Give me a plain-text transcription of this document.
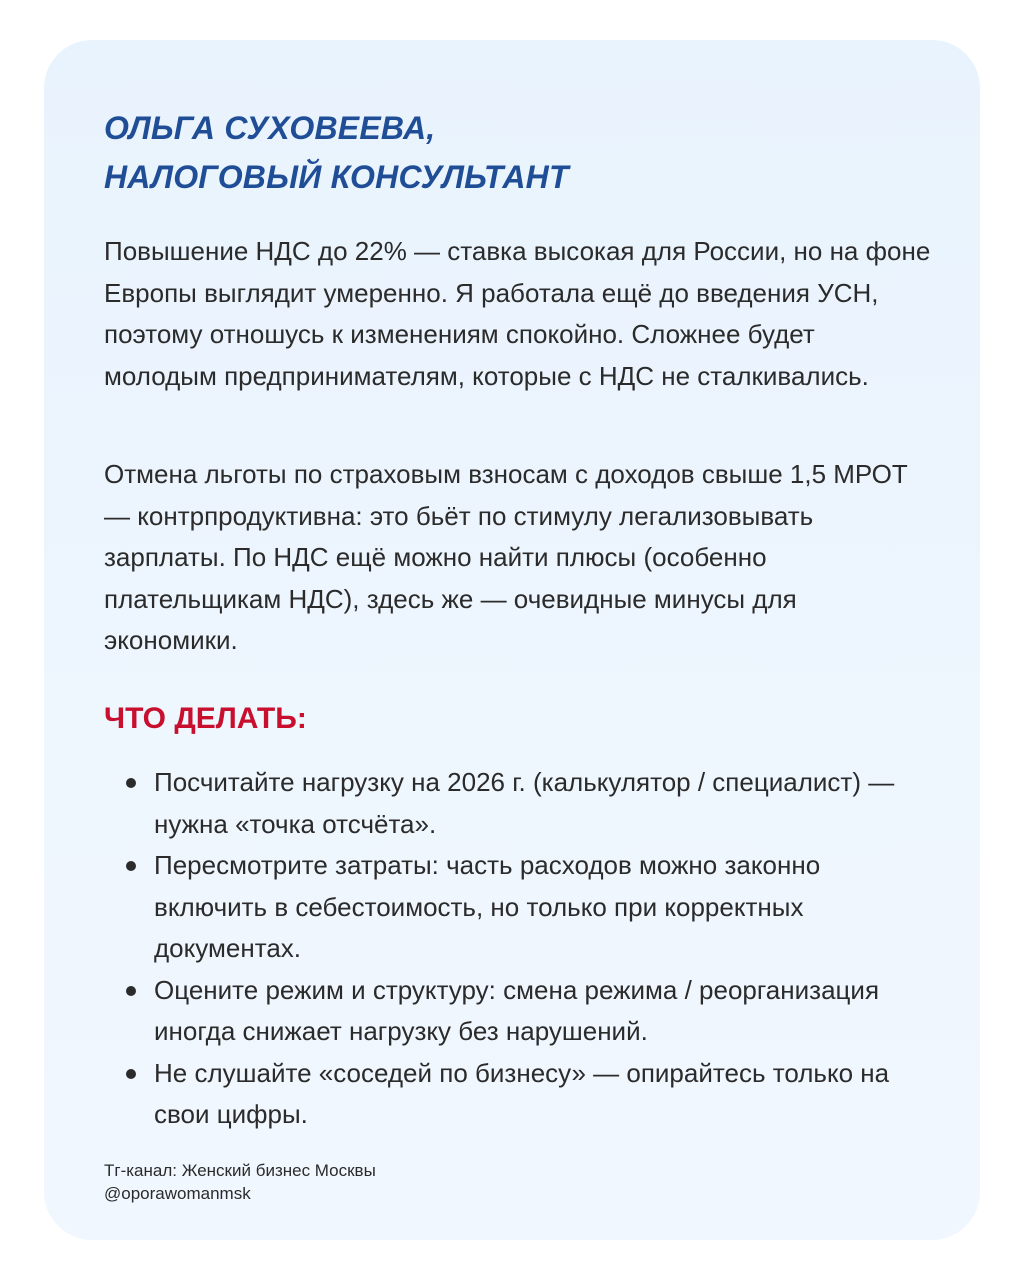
ОЛЬГА СУХОВЕЕВА,
НАЛОГОВЫЙ КОНСУЛЬТАНТ

Повышение НДС до 22% — ставка высокая для России, но на фоне Европы выглядит умеренно. Я работала ещё до введения УСН, поэтому отношусь к изменениям спокойно. Сложнее будет молодым предпринимателям, которые с НДС не сталкивались.

Отмена льготы по страховым взносам с доходов свыше 1,5 МРОТ — контрпродуктивна: это бьёт по стимулу легализовывать зарплаты. По НДС ещё можно найти плюсы (особенно плательщикам НДС), здесь же — очевидные минусы для экономики.

ЧТО ДЕЛАТЬ:
Посчитайте нагрузку на 2026 г. (калькулятор / специалист) — нужна «точка отсчёта».
Пересмотрите затраты: часть расходов можно законно включить в себестоимость, но только при корректных документах.
Оцените режим и структуру: смена режима / реорганизация иногда снижает нагрузку без нарушений.
Не слушайте «соседей по бизнесу» — опирайтесь только на свои цифры.
Тг-канал: Женский бизнес Москвы
@oporawomanmsk
